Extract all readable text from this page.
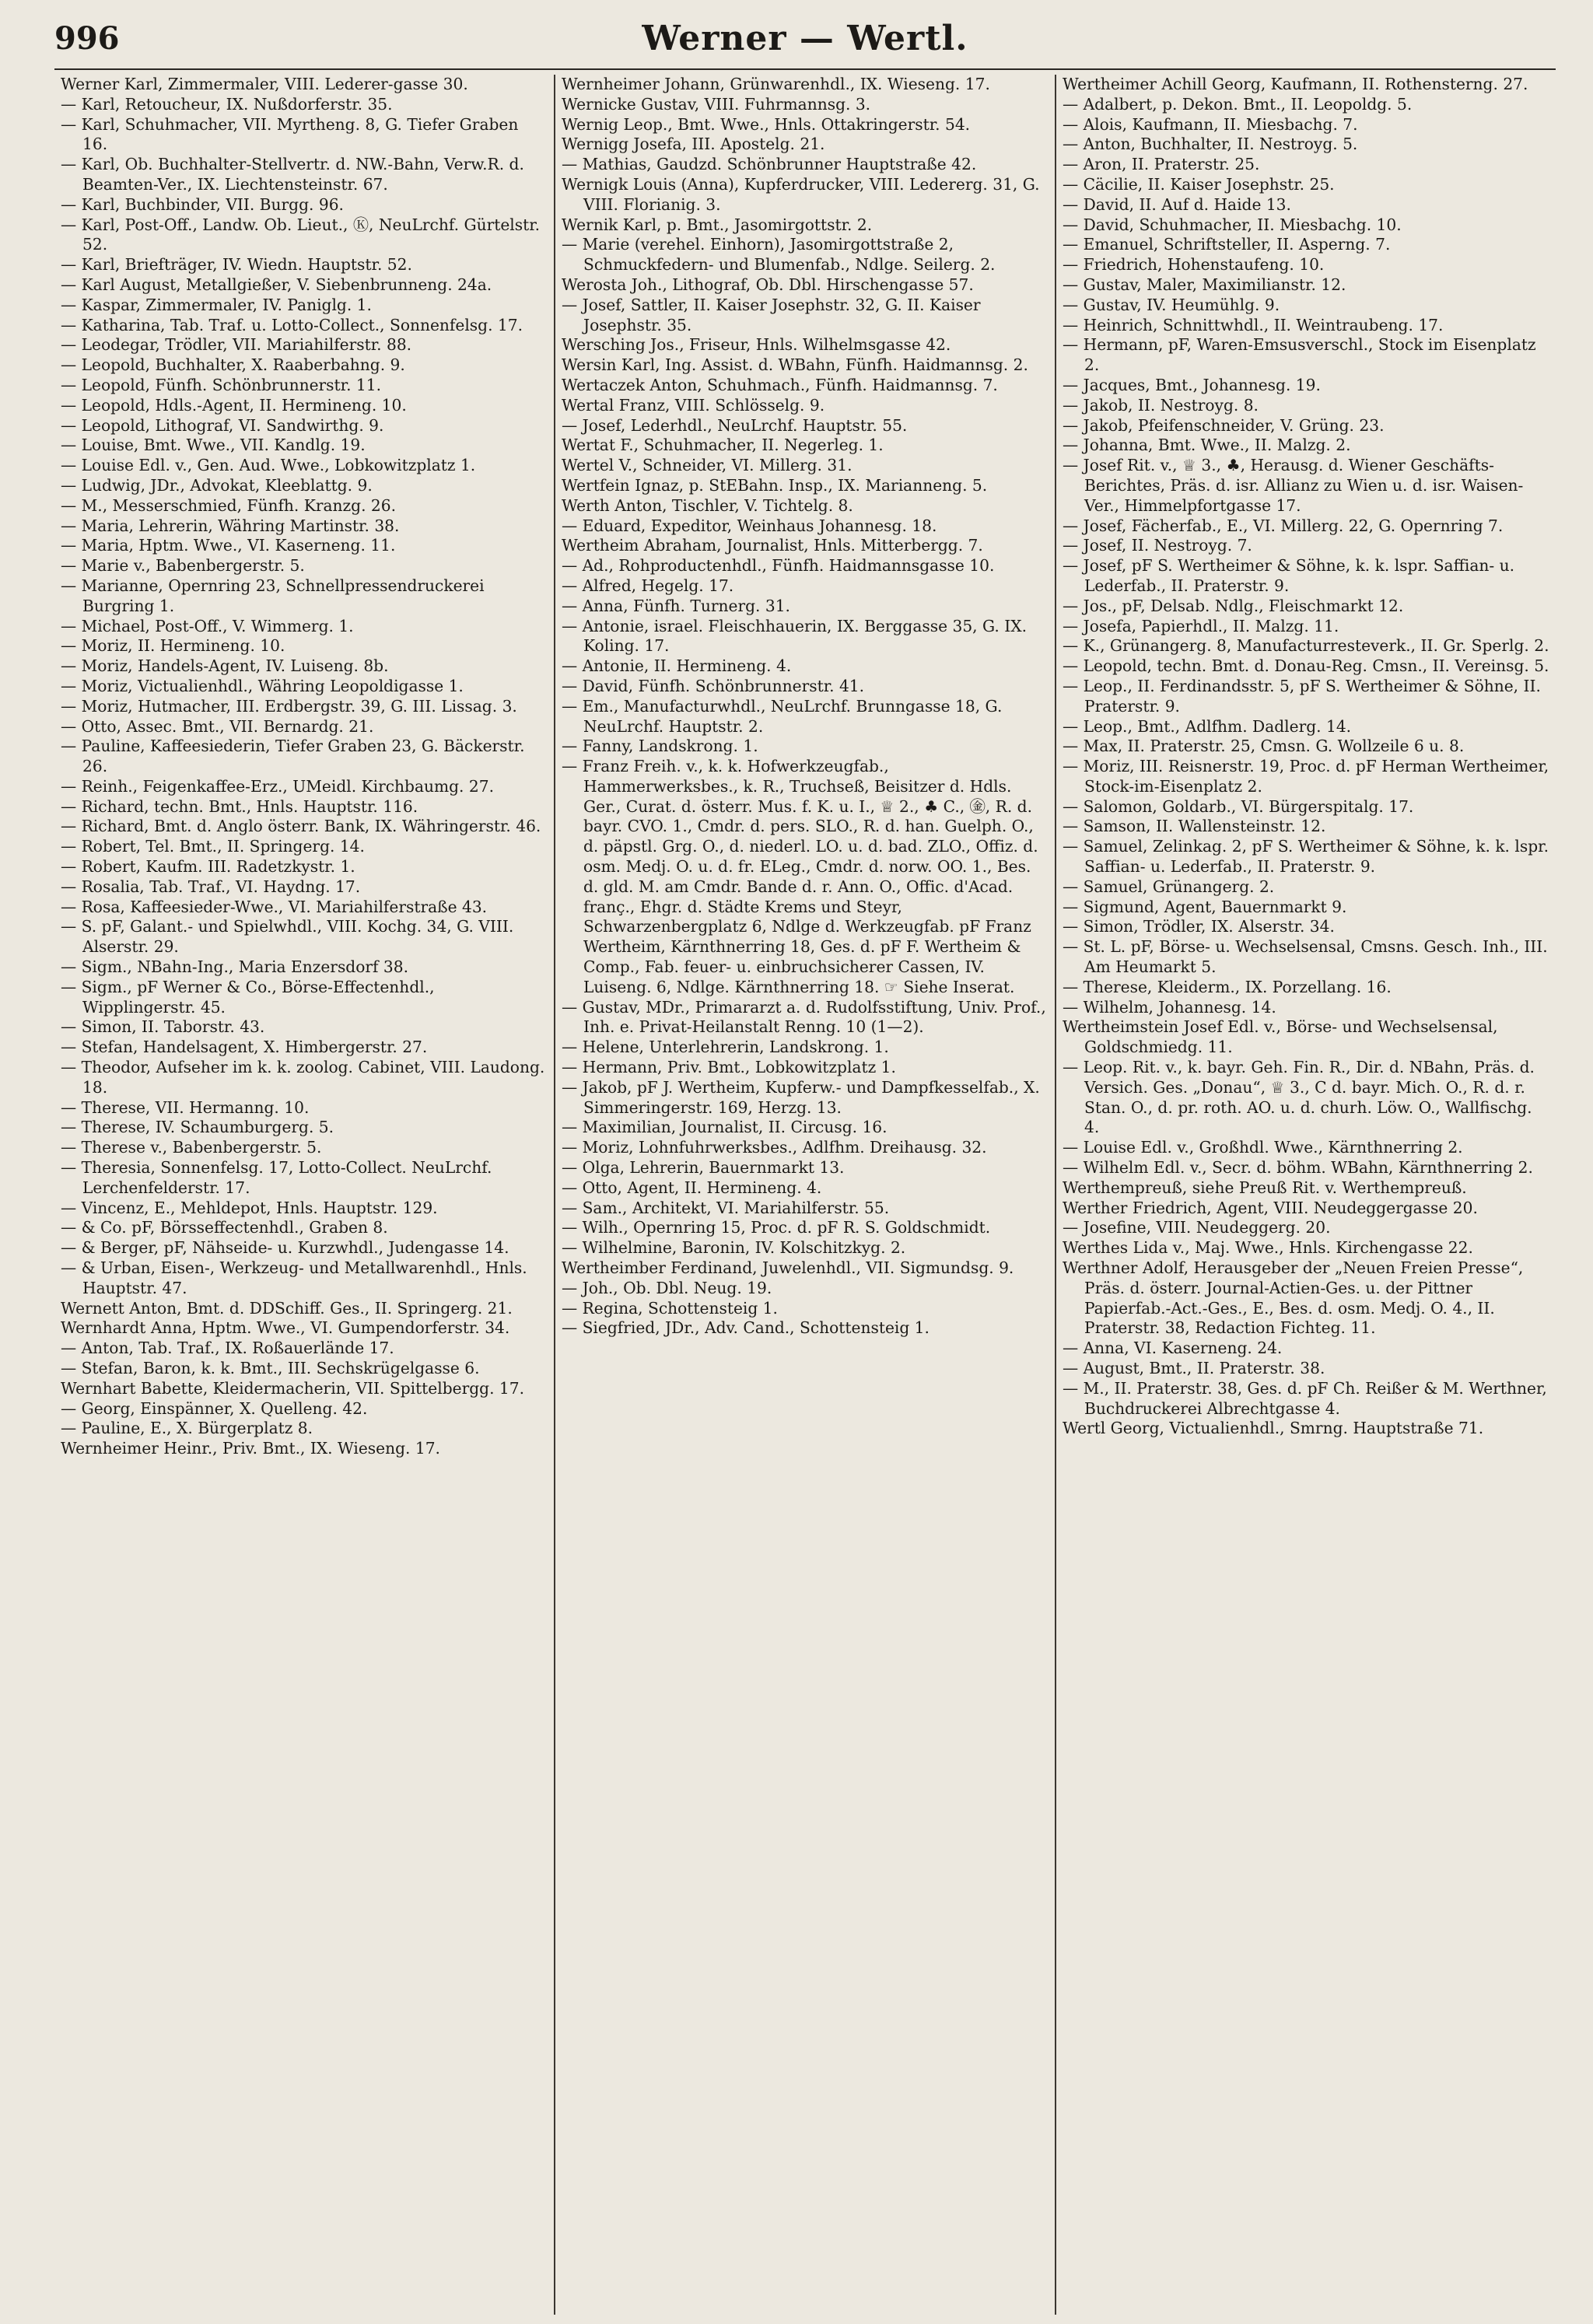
996	Werner — Wertl.

Werner Karl, Zimmermaler, VIII. Lederer-gasse 30.

— Karl, Retoucheur, IX. Nußdorferstr. 35.

— Karl, Schuhmacher, VII. Myrtheng. 8, G. Tiefer Graben 16.

— Karl, Ob. Buchhalter-Stellvertr. d. NW.-Bahn, Verw.R. d. Beamten-Ver., IX. Liechtensteinstr. 67.

— Karl, Buchbinder, VII. Burgg. 96.

— Karl, Post-Off., Landw. Ob. Lieut., Ⓚ, NeuLrchf. Gürtelstr. 52.

— Karl, Briefträger, IV. Wiedn. Hauptstr. 52.

— Karl August, Metallgießer, V. Siebenbrunneng. 24a.

— Kaspar, Zimmermaler, IV. Paniglg. 1.

— Katharina, Tab. Traf. u. Lotto-Collect., Sonnenfelsg. 17.

— Leodegar, Trödler, VII. Mariahilferstr. 88.

— Leopold, Buchhalter, X. Raaberbahng. 9.

— Leopold, Fünfh. Schönbrunnerstr. 11.

— Leopold, Hdls.-Agent, II. Hermineng. 10.

— Leopold, Lithograf, VI. Sandwirthg. 9.

— Louise, Bmt. Wwe., VII. Kandlg. 19.

— Louise Edl. v., Gen. Aud. Wwe., Lobkowitzplatz 1.

— Ludwig, JDr., Advokat, Kleeblattg. 9.

— M., Messerschmied, Fünfh. Kranzg. 26.

— Maria, Lehrerin, Währing Martinstr. 38.

— Maria, Hptm. Wwe., VI. Kaserneng. 11.

— Marie v., Babenbergerstr. 5.

— Marianne, Opernring 23, Schnellpressendruckerei Burgring 1.

— Michael, Post-Off., V. Wimmerg. 1.

— Moriz, II. Hermineng. 10.

— Moriz, Handels-Agent, IV. Luiseng. 8b.

— Moriz, Victualienhdl., Währing Leopoldigasse 1.

— Moriz, Hutmacher, III. Erdbergstr. 39, G. III. Lissag. 3.

— Otto, Assec. Bmt., VII. Bernardg. 21.

— Pauline, Kaffeesiederin, Tiefer Graben 23, G. Bäckerstr. 26.

— Reinh., Feigenkaffee-Erz., UMeidl. Kirchbaumg. 27.

— Richard, techn. Bmt., Hnls. Hauptstr. 116.

— Richard, Bmt. d. Anglo österr. Bank, IX. Währingerstr. 46.

— Robert, Tel. Bmt., II. Springerg. 14.

— Robert, Kaufm. III. Radetzkystr. 1.

— Rosalia, Tab. Traf., VI. Haydng. 17.

— Rosa, Kaffeesieder-Wwe., VI. Mariahilferstraße 43.

— S. pF, Galant.- und Spielwhdl., VIII. Kochg. 34, G. VIII. Alserstr. 29.

— Sigm., NBahn-Ing., Maria Enzersdorf 38.

— Sigm., pF Werner & Co., Börse-Effectenhdl., Wipplingerstr. 45.

— Simon, II. Taborstr. 43.

— Stefan, Handelsagent, X. Himbergerstr. 27.

— Theodor, Aufseher im k. k. zoolog. Cabinet, VIII. Laudong. 18.

— Therese, VII. Hermanng. 10.

— Therese, IV. Schaumburgerg. 5.

— Therese v., Babenbergerstr. 5.

— Theresia, Sonnenfelsg. 17, Lotto-Collect. NeuLrchf. Lerchenfelderstr. 17.

— Vincenz, E., Mehldepot, Hnls. Hauptstr. 129.

— & Co. pF, Börsseffectenhdl., Graben 8.

— & Berger, pF, Nähseide- u. Kurzwhdl., Judengasse 14.

— & Urban, Eisen-, Werkzeug- und Metallwarenhdl., Hnls. Hauptstr. 47.

Wernett Anton, Bmt. d. DDSchiff. Ges., II. Springerg. 21.

Wernhardt Anna, Hptm. Wwe., VI. Gumpendorferstr. 34.

— Anton, Tab. Traf., IX. Roßauerlände 17.

— Stefan, Baron, k. k. Bmt., III. Sechskrügelgasse 6.

Wernhart Babette, Kleidermacherin, VII. Spittelbergg. 17.

— Georg, Einspänner, X. Quelleng. 42.

— Pauline, E., X. Bürgerplatz 8.

Wernheimer Heinr., Priv. Bmt., IX. Wieseng. 17.

Wernheimer Johann, Grünwarenhdl., IX. Wieseng. 17.

Wernicke Gustav, VIII. Fuhrmannsg. 3.

Wernig Leop., Bmt. Wwe., Hnls. Ottakringerstr. 54.

Wernigg Josefa, III. Apostelg. 21.

— Mathias, Gaudzd. Schönbrunner Hauptstraße 42.

Wernigk Louis (Anna), Kupferdrucker, VIII. Ledererg. 31, G. VIII. Florianig. 3.

Wernik Karl, p. Bmt., Jasomirgottstr. 2.

— Marie (verehel. Einhorn), Jasomirgottstraße 2, Schmuckfedern- und Blumenfab., Ndlge. Seilerg. 2.

Werosta Joh., Lithograf, Ob. Dbl. Hirschengasse 57.

— Josef, Sattler, II. Kaiser Josephstr. 32, G. II. Kaiser Josephstr. 35.

Wersching Jos., Friseur, Hnls. Wilhelmsgasse 42.

Wersin Karl, Ing. Assist. d. WBahn, Fünfh. Haidmannsg. 2.

Wertaczek Anton, Schuhmach., Fünfh. Haidmannsg. 7.

Wertal Franz, VIII. Schlösselg. 9.

— Josef, Lederhdl., NeuLrchf. Hauptstr. 55.

Wertat F., Schuhmacher, II. Negerleg. 1.

Wertel V., Schneider, VI. Millerg. 31.

Wertfein Ignaz, p. StEBahn. Insp., IX. Marianneng. 5.

Werth Anton, Tischler, V. Tichtelg. 8.

— Eduard, Expeditor, Weinhaus Johannesg. 18.

Wertheim Abraham, Journalist, Hnls. Mitterbergg. 7.

— Ad., Rohproductenhdl., Fünfh. Haidmannsgasse 10.

— Alfred, Hegelg. 17.

— Anna, Fünfh. Turnerg. 31.

— Antonie, israel. Fleischhauerin, IX. Berggasse 35, G. IX. Koling. 17.

— Antonie, II. Hermineng. 4.

— David, Fünfh. Schönbrunnerstr. 41.

— Em., Manufacturwhdl., NeuLrchf. Brunngasse 18, G. NeuLrchf. Hauptstr. 2.

— Fanny, Landskrong. 1.

— Franz Freih. v., k. k. Hofwerkzeugfab., Hammerwerksbes., k. R., Truchseß, Beisitzer d. Hdls. Ger., Curat. d. österr. Mus. f. K. u. I., ♕ 2., ♣ C., ㊎, R. d. bayr. CVO. 1., Cmdr. d. pers. SLO., R. d. han. Guelph. O., d. päpstl. Grg. O., d. niederl. LO. u. d. bad. ZLO., Offiz. d. osm. Medj. O. u. d. fr. ELeg., Cmdr. d. norw. OO. 1., Bes. d. gld. M. am Cmdr. Bande d. r. Ann. O., Offic. d'Acad. franç., Ehgr. d. Städte Krems und Steyr, Schwarzenbergplatz 6, Ndlge d. Werkzeugfab. pF Franz Wertheim, Kärnthnerring 18, Ges. d. pF F. Wertheim & Comp., Fab. feuer- u. einbruchsicherer Cassen, IV. Luiseng. 6, Ndlge. Kärnthnerring 18. ☞ Siehe Inserat.

— Gustav, MDr., Primararzt a. d. Rudolfsstiftung, Univ. Prof., Inh. e. Privat-Heilanstalt Renng. 10 (1—2).

— Helene, Unterlehrerin, Landskrong. 1.

— Hermann, Priv. Bmt., Lobkowitzplatz 1.

— Jakob, pF J. Wertheim, Kupferw.- und Dampfkesselfab., X. Simmeringerstr. 169, Herzg. 13.

— Maximilian, Journalist, II. Circusg. 16.

— Moriz, Lohnfuhrwerksbes., Adlfhm. Dreihausg. 32.

— Olga, Lehrerin, Bauernmarkt 13.

— Otto, Agent, II. Hermineng. 4.

— Sam., Architekt, VI. Mariahilferstr. 55.

— Wilh., Opernring 15, Proc. d. pF R. S. Goldschmidt.

— Wilhelmine, Baronin, IV. Kolschitzkyg. 2.

Wertheimber Ferdinand, Juwelenhdl., VII. Sigmundsg. 9.

— Joh., Ob. Dbl. Neug. 19.

— Regina, Schottensteig 1.

— Siegfried, JDr., Adv. Cand., Schottensteig 1.

Wertheimer Achill Georg, Kaufmann, II. Rothensterng. 27.

— Adalbert, p. Dekon. Bmt., II. Leopoldg. 5.

— Alois, Kaufmann, II. Miesbachg. 7.

— Anton, Buchhalter, II. Nestroyg. 5.

— Aron, II. Praterstr. 25.

— Cäcilie, II. Kaiser Josephstr. 25.

— David, II. Auf d. Haide 13.

— David, Schuhmacher, II. Miesbachg. 10.

— Emanuel, Schriftsteller, II. Asperng. 7.

— Friedrich, Hohenstaufeng. 10.

— Gustav, Maler, Maximilianstr. 12.

— Gustav, IV. Heumühlg. 9.

— Heinrich, Schnittwhdl., II. Weintraubeng. 17.

— Hermann, pF, Waren-Emsusverschl., Stock im Eisenplatz 2.

— Jacques, Bmt., Johannesg. 19.

— Jakob, II. Nestroyg. 8.

— Jakob, Pfeifenschneider, V. Grüng. 23.

— Johanna, Bmt. Wwe., II. Malzg. 2.

— Josef Rit. v., ♕ 3., ♣, Herausg. d. Wiener Geschäfts-Berichtes, Präs. d. isr. Allianz zu Wien u. d. isr. Waisen-Ver., Himmelpfortgasse 17.

— Josef, Fächerfab., E., VI. Millerg. 22, G. Opernring 7.

— Josef, II. Nestroyg. 7.

— Josef, pF S. Wertheimer & Söhne, k. k. lspr. Saffian- u. Lederfab., II. Praterstr. 9.

— Jos., pF, Delsab. Ndlg., Fleischmarkt 12.

— Josefa, Papierhdl., II. Malzg. 11.

— K., Grünangerg. 8, Manufacturresteverk., II. Gr. Sperlg. 2.

— Leopold, techn. Bmt. d. Donau-Reg. Cmsn., II. Vereinsg. 5.

— Leop., II. Ferdinandsstr. 5, pF S. Wertheimer & Söhne, II. Praterstr. 9.

— Leop., Bmt., Adlfhm. Dadlerg. 14.

— Max, II. Praterstr. 25, Cmsn. G. Wollzeile 6 u. 8.

— Moriz, III. Reisnerstr. 19, Proc. d. pF Herman Wertheimer, Stock-im-Eisenplatz 2.

— Salomon, Goldarb., VI. Bürgerspitalg. 17.

— Samson, II. Wallensteinstr. 12.

— Samuel, Zelinkag. 2, pF S. Wertheimer & Söhne, k. k. lspr. Saffian- u. Lederfab., II. Praterstr. 9.

— Samuel, Grünangerg. 2.

— Sigmund, Agent, Bauernmarkt 9.

— Simon, Trödler, IX. Alserstr. 34.

— St. L. pF, Börse- u. Wechselsensal, Cmsns. Gesch. Inh., III. Am Heumarkt 5.

— Therese, Kleiderm., IX. Porzellang. 16.

— Wilhelm, Johannesg. 14.

Wertheimstein Josef Edl. v., Börse- und Wechselsensal, Goldschmiedg. 11.

— Leop. Rit. v., k. bayr. Geh. Fin. R., Dir. d. NBahn, Präs. d. Versich. Ges. „Donau“, ♕ 3., C d. bayr. Mich. O., R. d. r. Stan. O., d. pr. roth. AO. u. d. churh. Löw. O., Wallfischg. 4.

— Louise Edl. v., Großhdl. Wwe., Kärnthnerring 2.

— Wilhelm Edl. v., Secr. d. böhm. WBahn, Kärnthnerring 2.

Werthempreuß, siehe Preuß Rit. v. Werthempreuß.

Werther Friedrich, Agent, VIII. Neudeggergasse 20.

— Josefine, VIII. Neudeggerg. 20.

Werthes Lida v., Maj. Wwe., Hnls. Kirchengasse 22.

Werthner Adolf, Herausgeber der „Neuen Freien Presse“, Präs. d. österr. Journal-Actien-Ges. u. der Pittner Papierfab.-Act.-Ges., E., Bes. d. osm. Medj. O. 4., II. Praterstr. 38, Redaction Fichteg. 11.

— Anna, VI. Kaserneng. 24.

— August, Bmt., II. Praterstr. 38.

— M., II. Praterstr. 38, Ges. d. pF Ch. Reißer & M. Werthner, Buchdruckerei Albrechtgasse 4.

Wertl Georg, Victualienhdl., Smrng. Hauptstraße 71.
